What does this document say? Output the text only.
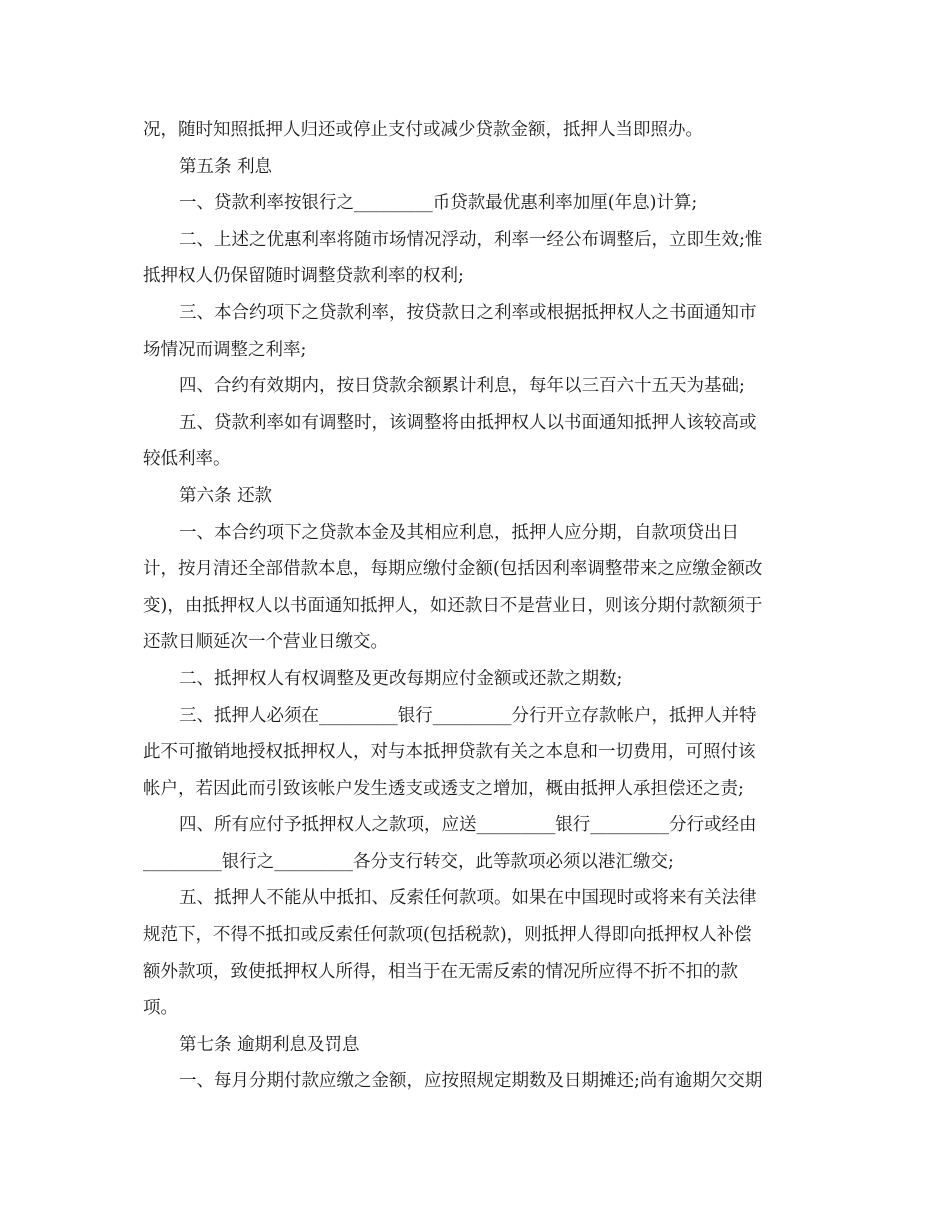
况，随时知照抵押人归还或停止支付或减少贷款金额，抵押人当即照办。
第五条 利息
一、贷款利率按银行之_________币贷款最优惠利率加厘(年息)计算;
二、上述之优惠利率将随市场情况浮动，利率一经公布调整后，立即生效;惟
抵押权人仍保留随时调整贷款利率的权利;
三、本合约项下之贷款利率，按贷款日之利率或根据抵押权人之书面通知市
场情况而调整之利率;
四、合约有效期内，按日贷款余额累计利息，每年以三百六十五天为基础;
五、贷款利率如有调整时，该调整将由抵押权人以书面通知抵押人该较高或
较低利率。
第六条 还款
一、本合约项下之贷款本金及其相应利息，抵押人应分期，自款项贷出日
计，按月清还全部借款本息，每期应缴付金额(包括因利率调整带来之应缴金额改
变)，由抵押权人以书面通知抵押人，如还款日不是营业日，则该分期付款额须于
还款日顺延次一个营业日缴交。
二、抵押权人有权调整及更改每期应付金额或还款之期数;
三、抵押人必须在_________银行_________分行开立存款帐户，抵押人并特
此不可撤销地授权抵押权人，对与本抵押贷款有关之本息和一切费用，可照付该
帐户，若因此而引致该帐户发生透支或透支之增加，概由抵押人承担偿还之责;
四、所有应付予抵押权人之款项，应送_________银行_________分行或经由
_________银行之_________各分支行转交，此等款项必须以港汇缴交;
五、抵押人不能从中抵扣、反索任何款项。如果在中国现时或将来有关法律
规范下，不得不抵扣或反索任何款项(包括税款)，则抵押人得即向抵押权人补偿
额外款项，致使抵押权人所得，相当于在无需反索的情况所应得不折不扣的款
项。
第七条 逾期利息及罚息
一、每月分期付款应缴之金额，应按照规定期数及日期摊还;尚有逾期欠交期
